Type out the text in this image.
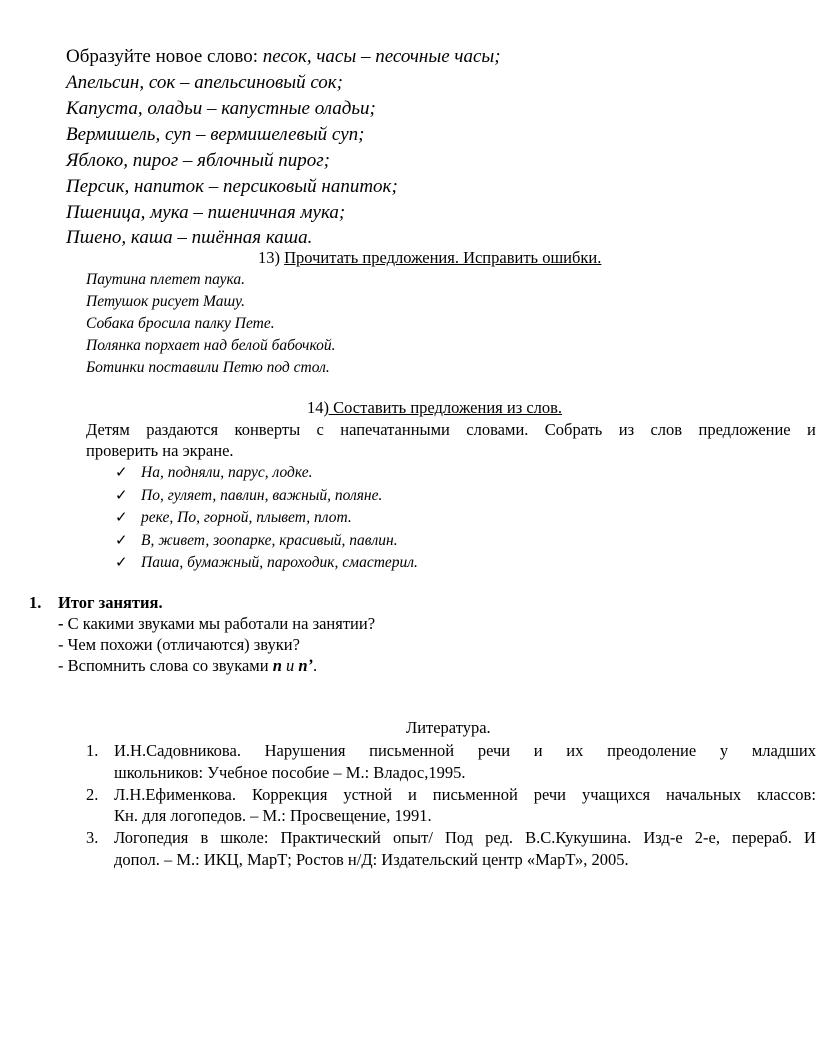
Образуйте новое слово: песок, часы – песочные часы;
Апельсин, сок – апельсиновый сок;
Капуста, оладьи – капустные оладьи;
Вермишель, суп – вермишелевый суп;
Яблоко, пирог – яблочный пирог;
Персик, напиток – персиковый напиток;
Пшеница, мука – пшеничная мука;
Пшено, каша – пшённая каша.
13) Прочитать предложения. Исправить ошибки.
Паутина плетет паука.
Петушок рисует Машу.
Собака бросила палку Пете.
Полянка порхает над белой бабочкой.
Ботинки поставили Петю под стол.
14) Составить предложения из слов.
Детям раздаются конверты с напечатанными словами. Собрать из слов предложение и
проверить на экране.
✓ На, подняли, парус, лодке.
✓ По, гуляет, павлин, важный, поляне.
✓ реке, По, горной, плывет, плот.
✓ В, живет, зоопарке, красивый, павлин.
✓ Паша, бумажный, пароходик, смастерил.
1. Итог занятия.
- С какими звуками мы работали на занятии?
- Чем похожи (отличаются) звуки?
- Вспомнить слова со звуками п и пʼ.
Литература.
1. И.Н.Садовникова. Нарушения письменной речи и их преодоление у младших
школьников: Учебное пособие – М.: Владос,1995.
2. Л.Н.Ефименкова. Коррекция устной и письменной речи учащихся начальных классов:
Кн. для логопедов. – М.: Просвещение, 1991.
3. Логопедия в школе: Практический опыт/ Под ред. В.С.Кукушина. Изд-е 2-е, перераб. И
допол. – М.: ИКЦ, МарТ; Ростов н/Д: Издательский центр «МарТ», 2005.
